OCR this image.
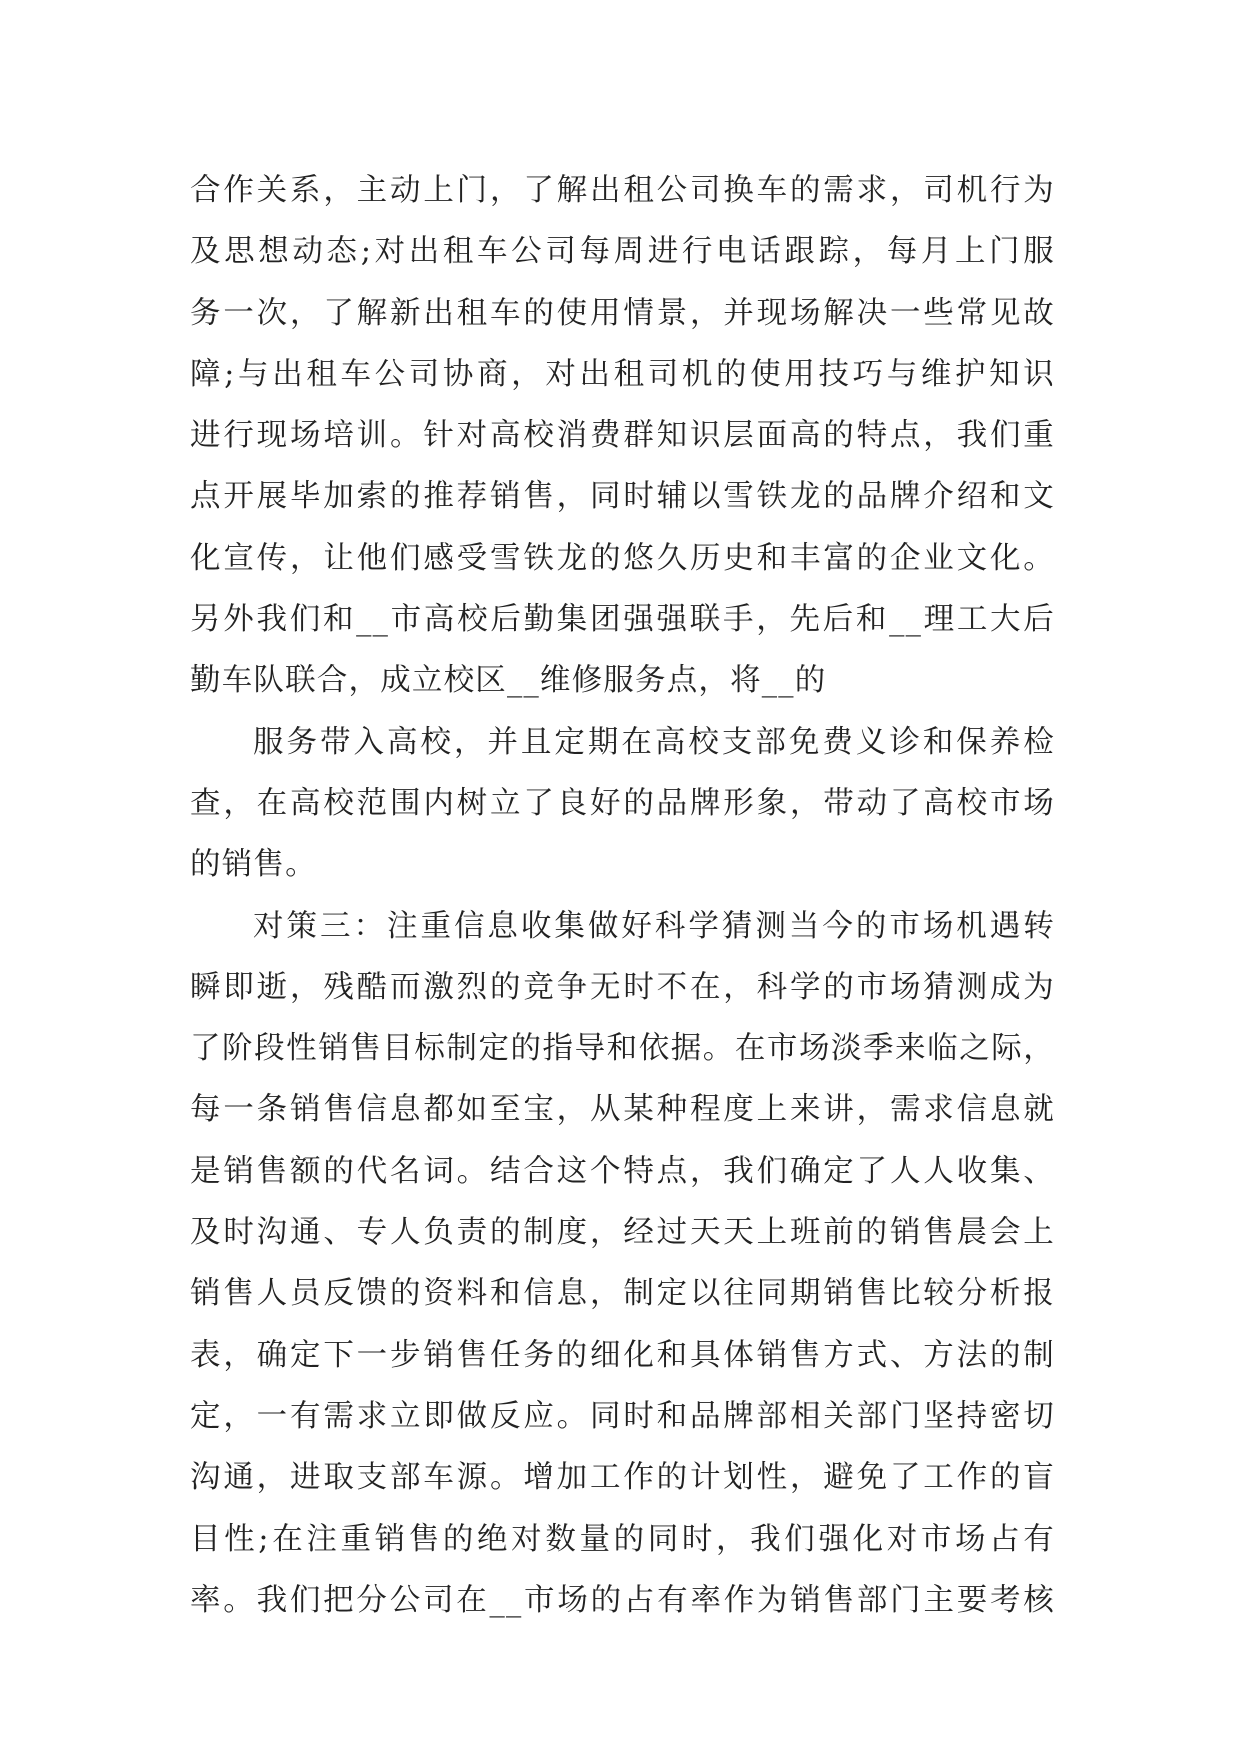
合作关系，主动上门，了解出租公司换车的需求，司机行为
及思想动态;对出租车公司每周进行电话跟踪，每月上门服
务一次，了解新出租车的使用情景，并现场解决一些常见故
障;与出租车公司协商，对出租司机的使用技巧与维护知识
进行现场培训。针对高校消费群知识层面高的特点，我们重
点开展毕加索的推荐销售，同时辅以雪铁龙的品牌介绍和文
化宣传，让他们感受雪铁龙的悠久历史和丰富的企业文化。
另外我们和__市高校后勤集团强强联手，先后和__理工大后
勤车队联合，成立校区__维修服务点，将__的
服务带入高校，并且定期在高校支部免费义诊和保养检
查，在高校范围内树立了良好的品牌形象，带动了高校市场
的销售。
对策三：注重信息收集做好科学猜测当今的市场机遇转
瞬即逝，残酷而激烈的竞争无时不在，科学的市场猜测成为
了阶段性销售目标制定的指导和依据。在市场淡季来临之际，
每一条销售信息都如至宝，从某种程度上来讲，需求信息就
是销售额的代名词。结合这个特点，我们确定了人人收集、
及时沟通、专人负责的制度，经过天天上班前的销售晨会上
销售人员反馈的资料和信息，制定以往同期销售比较分析报
表，确定下一步销售任务的细化和具体销售方式、方法的制
定，一有需求立即做反应。同时和品牌部相关部门坚持密切
沟通，进取支部车源。增加工作的计划性，避免了工作的盲
目性;在注重销售的绝对数量的同时，我们强化对市场占有
率。我们把分公司在__市场的占有率作为销售部门主要考核
